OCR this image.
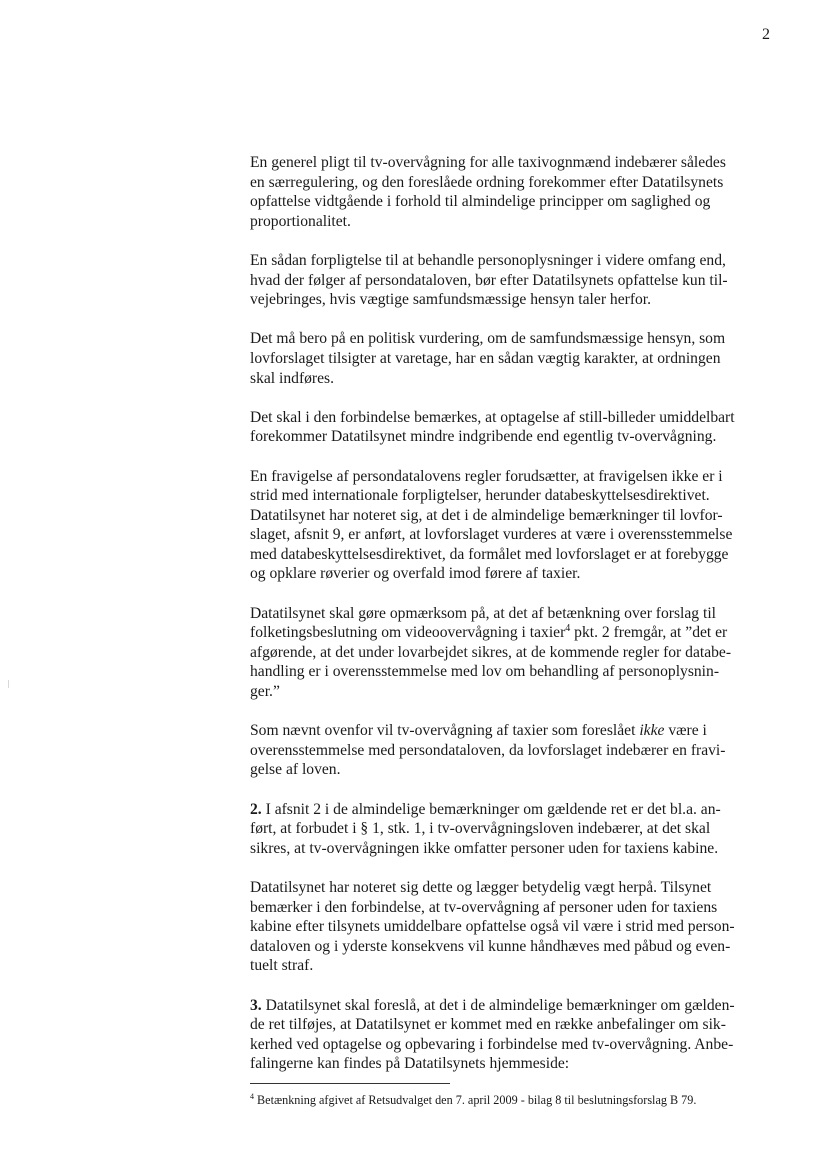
2

En generel pligt til tv-overvågning for alle taxivognmænd indebærer således
en særregulering, og den foreslåede ordning forekommer efter Datatilsynets
opfattelse vidtgående i forhold til almindelige principper om saglighed og
proportionalitet.

En sådan forpligtelse til at behandle personoplysninger i videre omfang end,
hvad der følger af persondataloven, bør efter Datatilsynets opfattelse kun til-
vejebringes, hvis vægtige samfundsmæssige hensyn taler herfor.

Det må bero på en politisk vurdering, om de samfundsmæssige hensyn, som
lovforslaget tilsigter at varetage, har en sådan vægtig karakter, at ordningen
skal indføres.

Det skal i den forbindelse bemærkes, at optagelse af still-billeder umiddelbart
forekommer Datatilsynet mindre indgribende end egentlig tv-overvågning.

En fravigelse af persondatalovens regler forudsætter, at fravigelsen ikke er i
strid med internationale forpligtelser, herunder databeskyttelsesdirektivet.
Datatilsynet har noteret sig, at det i de almindelige bemærkninger til lovfor-
slaget, afsnit 9, er anført, at lovforslaget vurderes at være i overensstemmelse
med databeskyttelsesdirektivet, da formålet med lovforslaget er at forebygge
og opklare røverier og overfald imod førere af taxier.

Datatilsynet skal gøre opmærksom på, at det af betænkning over forslag til
folketingsbeslutning om videoovervågning i taxier$^4$ pkt. 2 fremgår, at ”det er
afgørende, at det under lovarbejdet sikres, at de kommende regler for databe-
handling er i overensstemmelse med lov om behandling af personoplysnin-
ger.”

Som nævnt ovenfor vil tv-overvågning af taxier som foreslået ikke være i
overensstemmelse med persondataloven, da lovforslaget indebærer en fravi-
gelse af loven.

2. I afsnit 2 i de almindelige bemærkninger om gældende ret er det bl.a. an-
ført, at forbudet i § 1, stk. 1, i tv-overvågningsloven indebærer, at det skal
sikres, at tv-overvågningen ikke omfatter personer uden for taxiens kabine.

Datatilsynet har noteret sig dette og lægger betydelig vægt herpå. Tilsynet
bemærker i den forbindelse, at tv-overvågning af personer uden for taxiens
kabine efter tilsynets umiddelbare opfattelse også vil være i strid med person-
dataloven og i yderste konsekvens vil kunne håndhæves med påbud og even-
tuelt straf.

3. Datatilsynet skal foreslå, at det i de almindelige bemærkninger om gælden-
de ret tilføjes, at Datatilsynet er kommet med en række anbefalinger om sik-
kerhed ved optagelse og opbevaring i forbindelse med tv-overvågning. Anbe-
falingerne kan findes på Datatilsynets hjemmeside:

$^4$ Betænkning afgivet af Retsudvalget den 7. april 2009 - bilag 8 til beslutningsforslag B 79.
